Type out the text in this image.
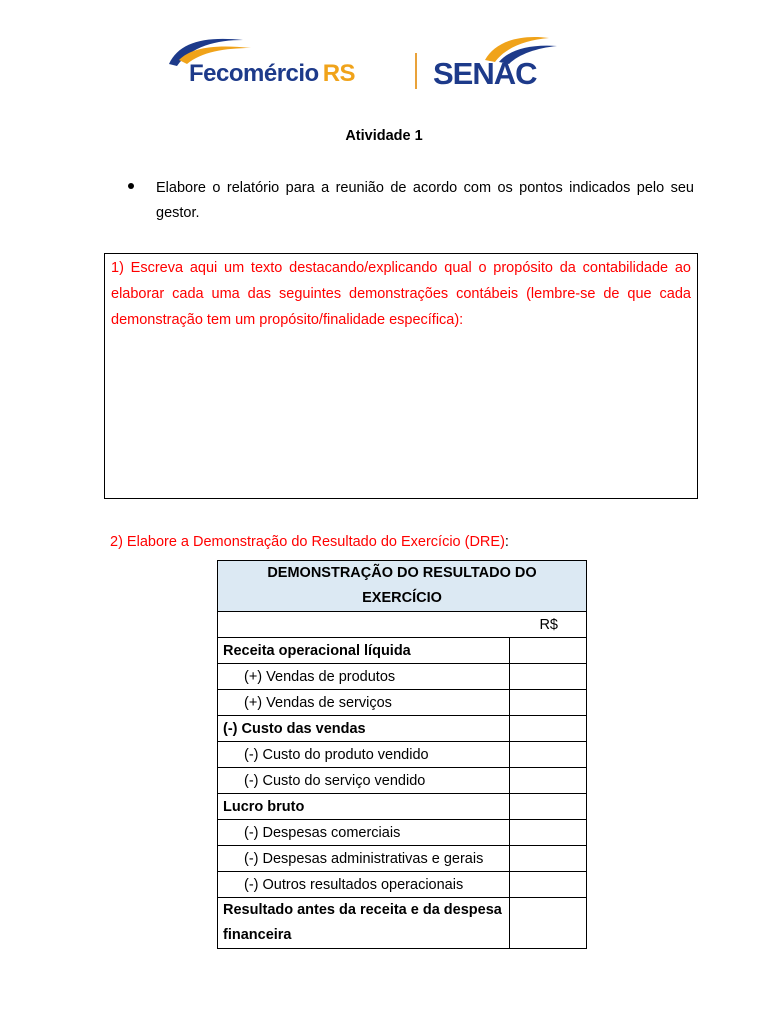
Fecomércio RS	SENAC
Atividade 1
Elabore o relatório para a reunião de acordo com os pontos indicados pelo seu gestor.

1) Escreva aqui um texto destacando/explicando qual o propósito da contabilidade ao elaborar cada uma das seguintes demonstrações contábeis (lembre-se de que cada demonstração tem um propósito/finalidade específica):

2) Elabore a Demonstração do Resultado do Exercício (DRE):
DEMONSTRAÇÃO DO RESULTADO DO EXERCÍCIO	
R$	
Receita operacional líquida	
(+) Vendas de produtos	
(+) Vendas de serviços	
(-) Custo das vendas	
(-) Custo do produto vendido	
(-) Custo do serviço vendido	
Lucro bruto	
(-) Despesas comerciais	
(-) Despesas administrativas e gerais	
(-) Outros resultados operacionais	
Resultado antes da receita e da despesa financeira	
